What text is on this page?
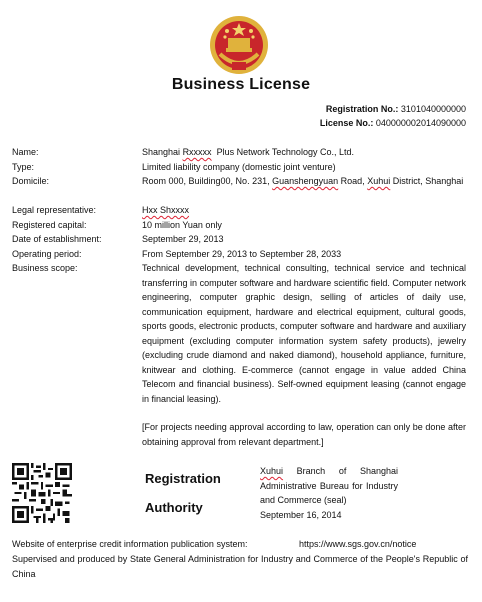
Business License
Registration No.: 3101040000000
License No.: 040000002014090000
Name:	Shanghai Rxxxxx  Plus Network Technology Co., Ltd.
Type:	Limited liability company (domestic joint venture)
Domicile:	Room 000, Building00, No. 231, Guanshengyuan Road, Xuhui District, Shanghai
Legal representative:	Hxx Shxxxx
Registered capital:	10 million Yuan only
Date of establishment:	September 29, 2013
Operating period:	From September 29, 2013 to September 28, 2033
Business scope:	Technical development, technical consulting, technical service and technical transferring in computer software and hardware scientific field. Computer network engineering, computer graphic design, selling of articles of daily use, communication equipment, hardware and electrical equipment, cultural goods, sports goods, electronic products, computer software and hardware and auxiliary equipment (excluding computer information system safety products), jewelry (excluding crude diamond and naked diamond), household appliance, furniture, knitwear and clothing. E-commerce (cannot engage in value added China Telecom and financial business). Self-owned equipment leasing (cannot engage in financial leasing).
[For projects needing approval according to law, operation can only be done after obtaining approval from relevant department.]
Registration
Authority
Xuhui Branch of Shanghai Administrative Bureau for Industry and Commerce (seal)
September 16, 2014
Website of enterprise credit information publication system:	https://www.sgs.gov.cn/notice
Supervised and produced by State General Administration for Industry and Commerce of the People's Republic of China
